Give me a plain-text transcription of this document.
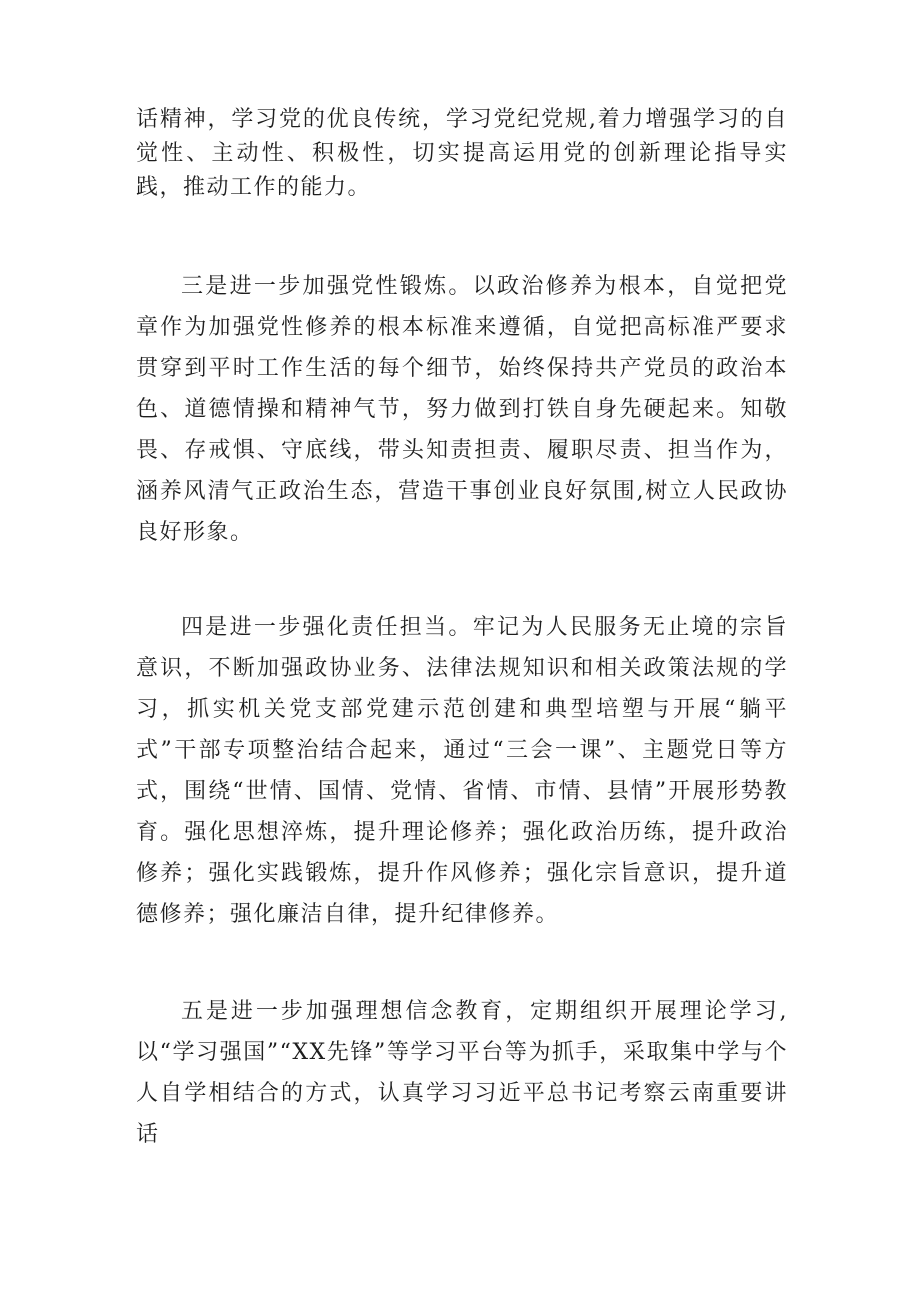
话精神，学习党的优良传统，学习党纪党规,着力增强学习的自觉性、主动性、积极性，切实提高运用党的创新理论指导实践，推动工作的能力。

三是进一步加强党性锻炼。以政治修养为根本，自觉把党章作为加强党性修养的根本标准来遵循，自觉把高标准严要求贯穿到平时工作生活的每个细节，始终保持共产党员的政治本色、道德情操和精神气节，努力做到打铁自身先硬起来。知敬畏、存戒惧、守底线，带头知责担责、履职尽责、担当作为，涵养风清气正政治生态，营造干事创业良好氛围,树立人民政协良好形象。

四是进一步强化责任担当。牢记为人民服务无止境的宗旨意识，不断加强政协业务、法律法规知识和相关政策法规的学习，抓实机关党支部党建示范创建和典型培塑与开展“躺平式”干部专项整治结合起来，通过“三会一课”、主题党日等方式，围绕“世情、国情、党情、省情、市情、县情”开展形势教育。强化思想淬炼，提升理论修养；强化政治历练，提升政治修养；强化实践锻炼，提升作风修养；强化宗旨意识，提升道德修养；强化廉洁自律，提升纪律修养。

五是进一步加强理想信念教育，定期组织开展理论学习,以“学习强国”“XX先锋”等学习平台等为抓手，采取集中学与个人自学相结合的方式，认真学习习近平总书记考察云南重要讲话
